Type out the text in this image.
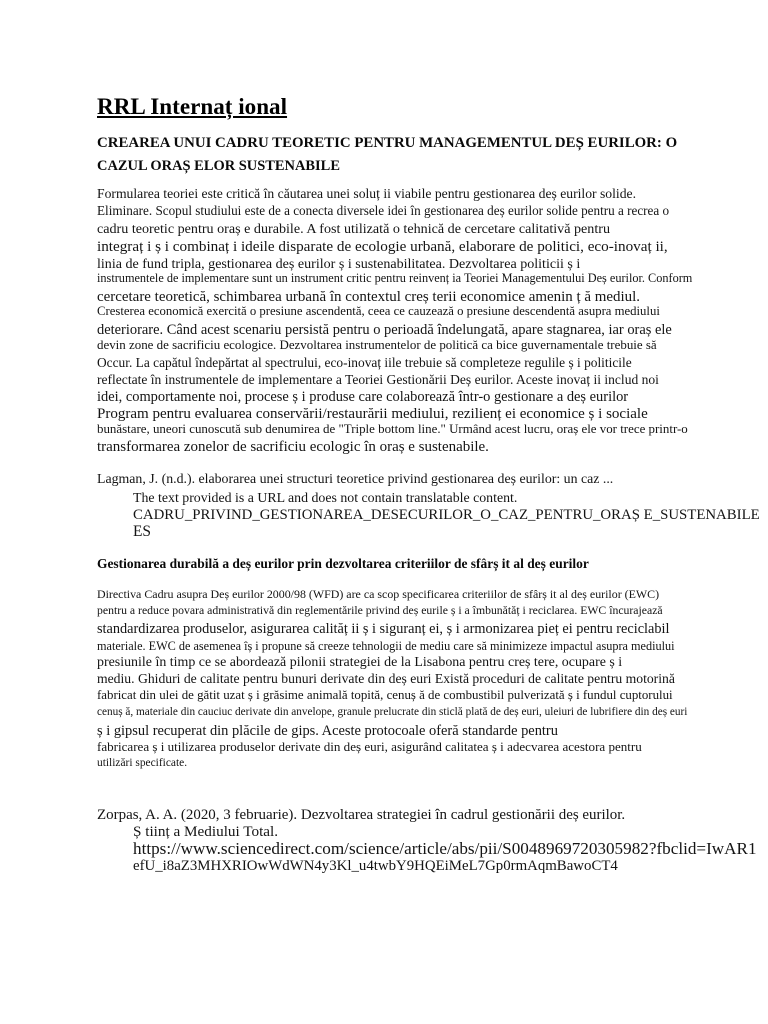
RRL Internaț ional
CREAREA UNUI CADRU TEORETIC PENTRU MANAGEMENTUL DEȘ EURILOR: O
CAZUL ORAȘ ELOR SUSTENABILE
Formularea teoriei este critică în căutarea unei soluț ii viabile pentru gestionarea deș eurilor solide.
Eliminare. Scopul studiului este de a conecta diversele idei în gestionarea deș eurilor solide pentru a recrea o
cadru teoretic pentru oraș e durabile. A fost utilizată o tehnică de cercetare calitativă pentru
integraț i ș i combinaț i ideile disparate de ecologie urbană, elaborare de politici, eco-inovaț ii,
linia de fund tripla, gestionarea deș eurilor ș i sustenabilitatea. Dezvoltarea politicii ș i
instrumentele de implementare sunt un instrument critic pentru reinvenț ia Teoriei Managementului Deș eurilor. Conform
cercetare teoretică, schimbarea urbană în contextul creș terii economice amenin ț ă mediul.
Cresterea economică exercită o presiune ascendentă, ceea ce cauzează o presiune descendentă asupra mediului
deteriorare. Când acest scenariu persistă pentru o perioadă îndelungată, apare stagnarea, iar oraș ele
devin zone de sacrificiu ecologice. Dezvoltarea instrumentelor de politică ca bice guvernamentale trebuie să
Occur. La capătul îndepărtat al spectrului, eco-inovaț iile trebuie să completeze regulile ș i politicile
reflectate în instrumentele de implementare a Teoriei Gestionării Deș eurilor. Aceste inovaț ii includ noi
idei, comportamente noi, procese ș i produse care colaborează într-o gestionare a deș eurilor
Program pentru evaluarea conservării/restaurării mediului, rezilienț ei economice ș i sociale
bunăstare, uneori cunoscută sub denumirea de "Triple bottom line." Urmând acest lucru, oraș ele vor trece printr-o
transformarea zonelor de sacrificiu ecologic în oraș e sustenabile.
Lagman, J. (n.d.). elaborarea unei structuri teoretice privind gestionarea deș eurilor: un caz ...
The text provided is a URL and does not contain translatable content.
CADRU_PRIVIND_GESTIONAREA_DESECURILOR_O_CAZ_PENTRU_ORAȘ E_SUSTENABILE
ES
Gestionarea durabilă a deș eurilor prin dezvoltarea criteriilor de sfârș it al deș eurilor
Directiva Cadru asupra Deș eurilor 2000/98 (WFD) are ca scop specificarea criteriilor de sfârș it al deș eurilor (EWC)
pentru a reduce povara administrativă din reglementările privind deș eurile ș i a îmbunătăț i reciclarea. EWC încurajează
standardizarea produselor, asigurarea calităț ii ș i siguranț ei, ș i armonizarea pieț ei pentru reciclabil
materiale. EWC de asemenea îș i propune să creeze tehnologii de mediu care să minimizeze impactul asupra mediului
presiunile în timp ce se abordează pilonii strategiei de la Lisabona pentru creș tere, ocupare ș i
mediu. Ghiduri de calitate pentru bunuri derivate din deș euri Există proceduri de calitate pentru motorină
fabricat din ulei de gătit uzat ș i grăsime animală topită, cenuș ă de combustibil pulverizată ș i fundul cuptorului
cenuș ă, materiale din cauciuc derivate din anvelope, granule prelucrate din sticlă plată de deș euri, uleiuri de lubrifiere din deș euri
ș i gipsul recuperat din plăcile de gips. Aceste protocoale oferă standarde pentru
fabricarea ș i utilizarea produselor derivate din deș euri, asigurând calitatea ș i adecvarea acestora pentru
utilizări specificate.
Zorpas, A. A. (2020, 3 februarie). Dezvoltarea strategiei în cadrul gestionării deș eurilor.
Ș tiinț a Mediului Total.
https://www.sciencedirect.com/science/article/abs/pii/S0048969720305982?fbclid=IwAR1
efU_i8aZ3MHXRIOwWdWN4y3Kl_u4twbY9HQEiMeL7Gp0rmAqmBawoCT4
